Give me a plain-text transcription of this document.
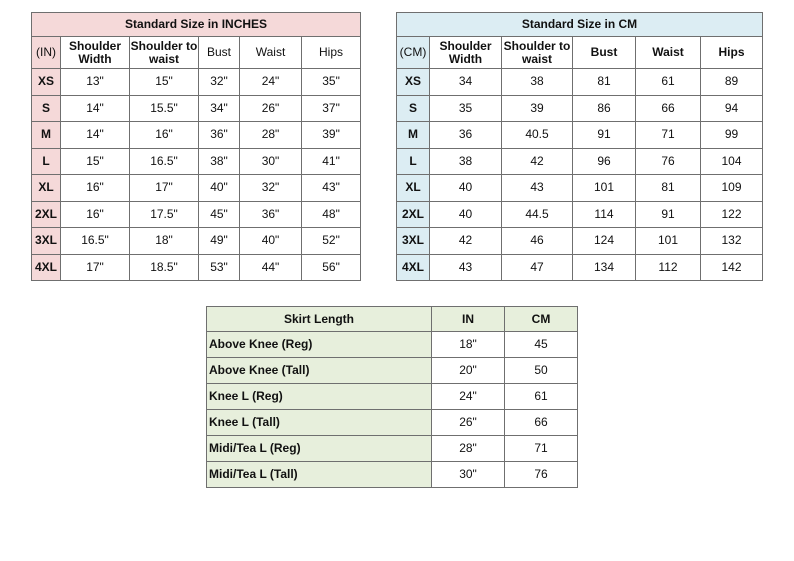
Standard Size in INCHES					
(IN)	Shoulder Width	Shoulder to waist	Bust	Waist	Hips
XS	13"	15"	32"	24"	35"
S	14"	15.5"	34"	26"	37"
M	14"	16"	36"	28"	39"
L	15"	16.5"	38"	30"	41"
XL	16"	17"	40"	32"	43"
2XL	16"	17.5"	45"	36"	48"
3XL	16.5"	18"	49"	40"	52"
4XL	17"	18.5"	53"	44"	56"
Standard Size in CM					
(CM)	Shoulder Width	Shoulder to waist	Bust	Waist	Hips
XS	34	38	81	61	89
S	35	39	86	66	94
M	36	40.5	91	71	99
L	38	42	96	76	104
XL	40	43	101	81	109
2XL	40	44.5	114	91	122
3XL	42	46	124	101	132
4XL	43	47	134	112	142
Skirt Length	IN	CM
Above Knee (Reg)	18"	45
Above Knee (Tall)	20"	50
Knee L (Reg)	24"	61
Knee L (Tall)	26"	66
Midi/Tea L (Reg)	28"	71
Midi/Tea L (Tall)	30"	76
